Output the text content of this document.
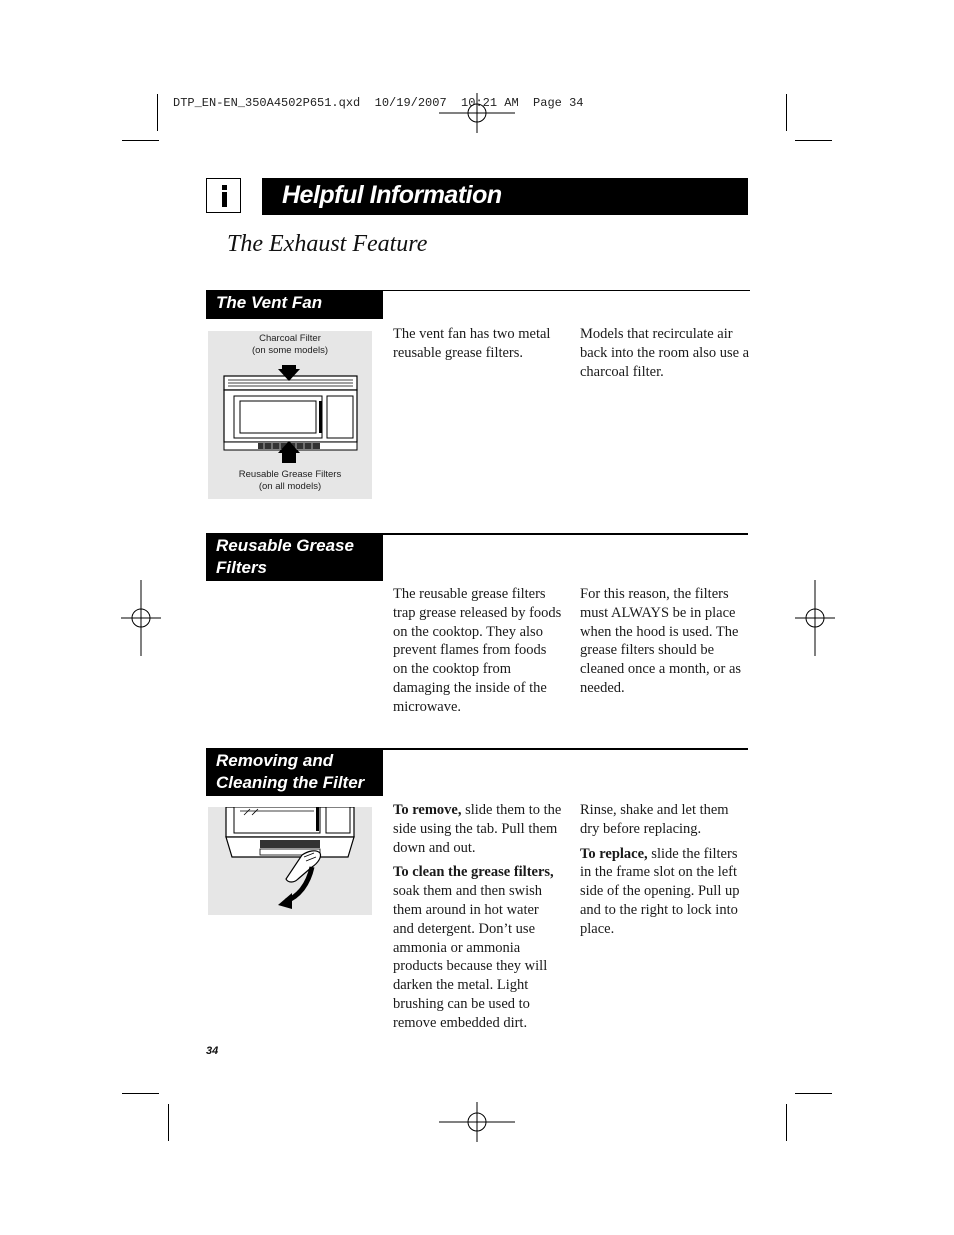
DTP_EN-EN_350A4502P651.qxd  10/19/2007  10:21 AM  Page 34
Helpful Information
The Exhaust Feature
The Vent Fan
Charcoal Filter
(on some models)
Reusable Grease Filters
(on all models)

The vent fan has two metal reusable grease filters.

Models that recirculate air back into the room also use a charcoal filter.

Reusable Grease
Filters

The reusable grease filters trap grease released by foods on the cooktop. They also prevent flames from foods on the cooktop from damaging the inside of the microwave.

For this reason, the filters must ALWAYS be in place when the hood is used. The grease filters should be cleaned once a month, or as needed.

Removing and
Cleaning the Filter

To remove, slide them to the side using the tab. Pull them down and out.

To clean the grease filters, soak them and then swish them around in hot water and detergent. Don’t use ammonia or ammonia products because they will darken the metal. Light brushing can be used to remove embedded dirt.

Rinse, shake and let them dry before replacing.

To replace, slide the filters in the frame slot on the left side of the opening. Pull up and to the right to lock into place.

34
